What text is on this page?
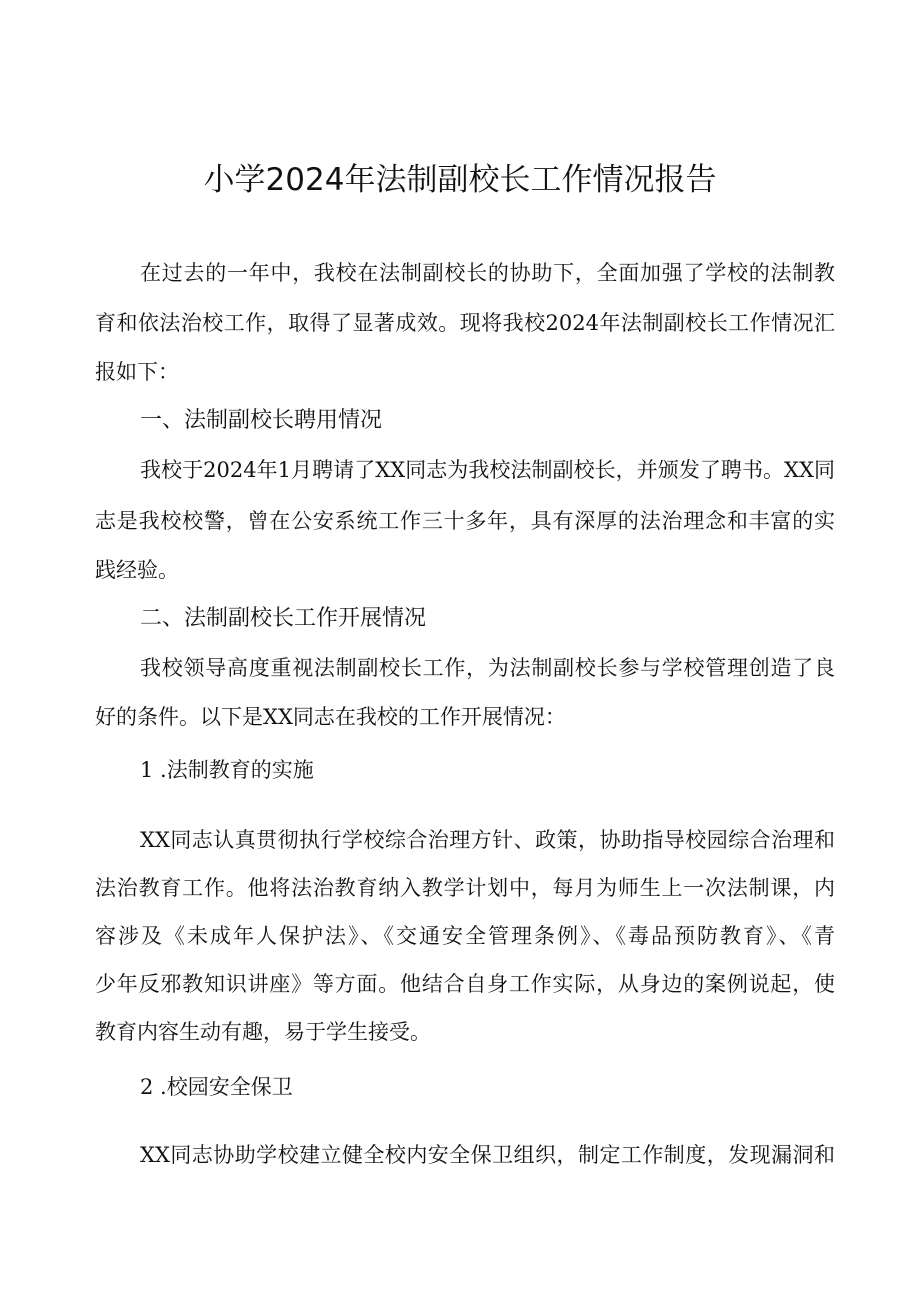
小学2024年法制副校长工作情况报告
在过去的一年中，我校在法制副校长的协助下，全面加强了学校的法制教
育和依法治校工作，取得了显著成效。现将我校2024年法制副校长工作情况汇
报如下：
一、法制副校长聘用情况
我校于2024年1月聘请了XX同志为我校法制副校长，并颁发了聘书。XX同
志是我校校警，曾在公安系统工作三十多年，具有深厚的法治理念和丰富的实
践经验。
二、法制副校长工作开展情况
我校领导高度重视法制副校长工作，为法制副校长参与学校管理创造了良
好的条件。以下是XX同志在我校的工作开展情况：
1 .法制教育的实施
XX同志认真贯彻执行学校综合治理方针、政策，协助指导校园综合治理和
法治教育工作。他将法治教育纳入教学计划中，每月为师生上一次法制课，内
容涉及《未成年人保护法》、《交通安全管理条例》、《毒品预防教育》、《青
少年反邪教知识讲座》等方面。他结合自身工作实际，从身边的案例说起，使
教育内容生动有趣，易于学生接受。
2 .校园安全保卫
XX同志协助学校建立健全校内安全保卫组织，制定工作制度，发现漏洞和
